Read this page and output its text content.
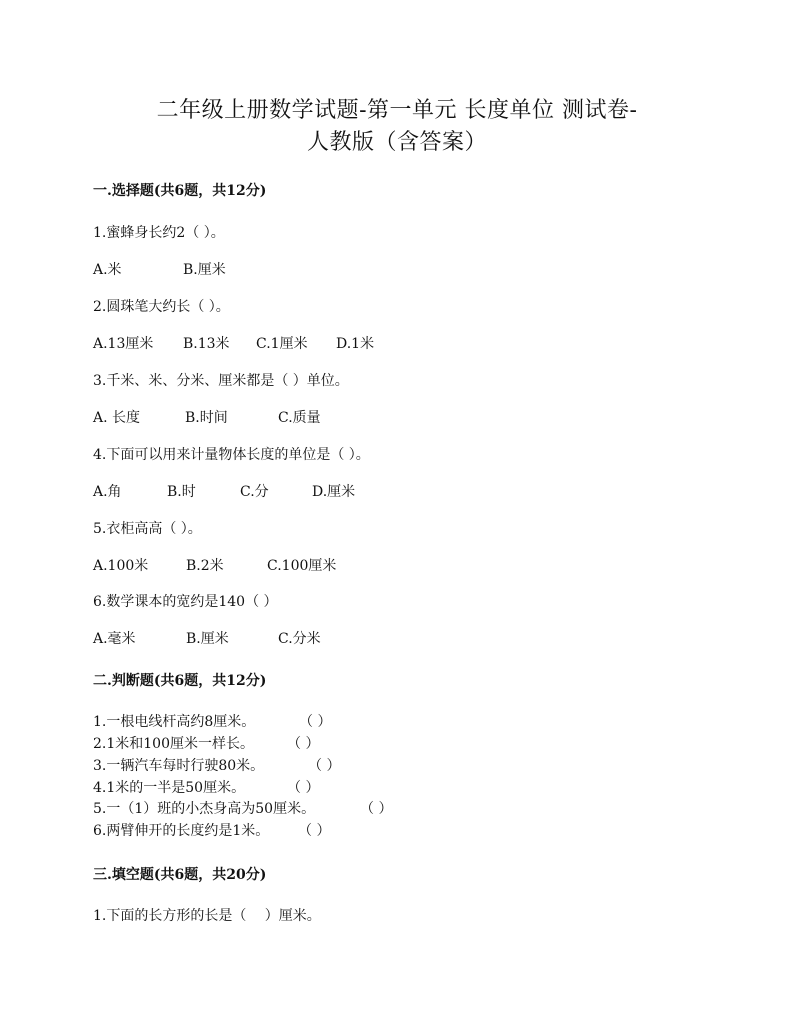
二年级上册数学试题-第一单元 长度单位 测试卷-
人教版（含答案）
一.选择题(共6题，共12分)
1.蜜蜂身长约2（ ）。
A.米	B.厘米
2.圆珠笔大约长（ ）。
A.13厘米 B.13米 C.1厘米 D.1米
3.千米、米、分米、厘米都是（ ）单位。
A. 长度	B.时间	C.质量
4.下面可以用来计量物体长度的单位是（ ）。
A.角	B.时	C.分	D.厘米
5.衣柜高高（ ）。
A.100米	B.2米	C.100厘米
6.数学课本的宽约是140（ ）
A.毫米	B.厘米	C.分米
二.判断题(共6题，共12分)
1.一根电线杆高约8厘米。	（ ）
2.1米和100厘米一样长。 （ ）
3.一辆汽车每时行驶80米。	（ ）
4.1米的一半是50厘米。	（ ）
5.一（1）班的小杰身高为50厘米。	（ ）
6.两臂伸开的长度约是1米。 （ ）
三.填空题(共6题，共20分)
1.下面的长方形的长是（　 ）厘米。
